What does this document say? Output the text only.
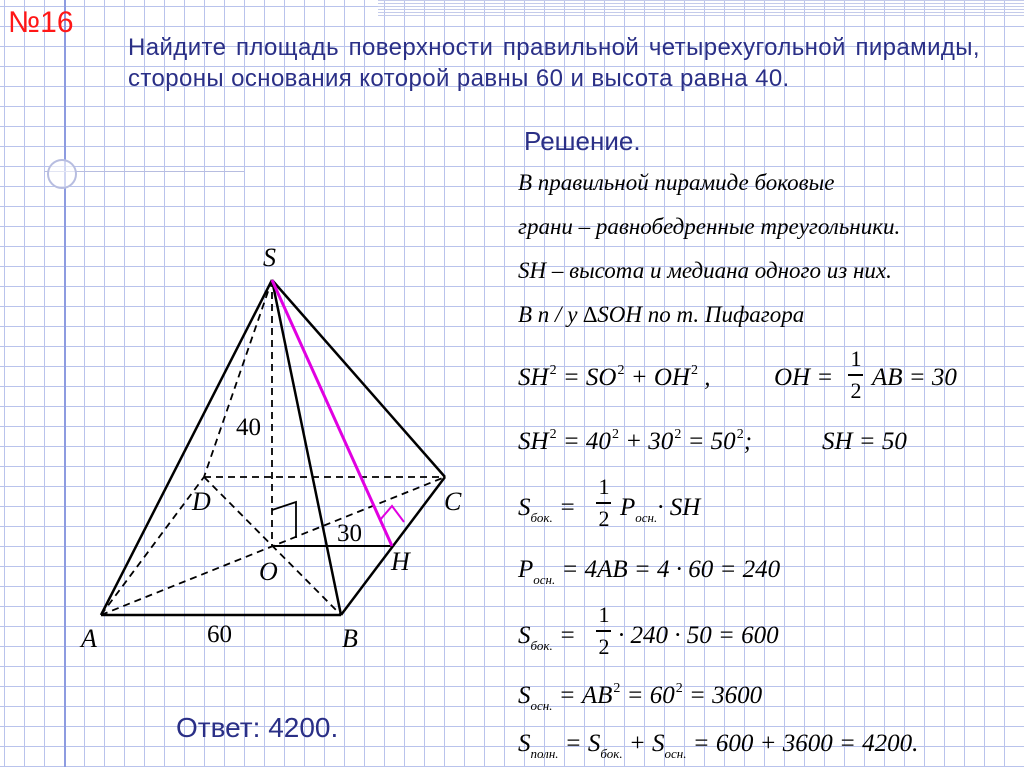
№16
Найдите площадь поверхности правильной четырехугольной пирамиды, стороны основания которой равны 60 и высота равна 40.
Решение.
В правильной пирамиде боковые
грани – равнобедренные треугольники.
SH – высота и медиана одного из них.
В п / у ∆SOH по т. Пифагора
$SH^2 = SO^2 + OH^2$ ,	OH =
1
2 AB = 30
$SH^2 = 40^2 + 30^2 = 50^2$;	SH = 50
$S_{бок.}$ =
1
2 $P_{осн.}\cdot$ SH
$P_{осн.} = 4AB = 4 \cdot 60 = 240$
$S_{бок.}$ =
1
2 · 240 · 50 = 600
$S_{осн.} = AB^2 = 60^2 = 3600$
$S_{полн.} = S_{бок.} + S_{осн.} = 600 + 3600 = 4200$.
Ответ: 4200.
S
A	B
C
D
O	H
40
60
30
